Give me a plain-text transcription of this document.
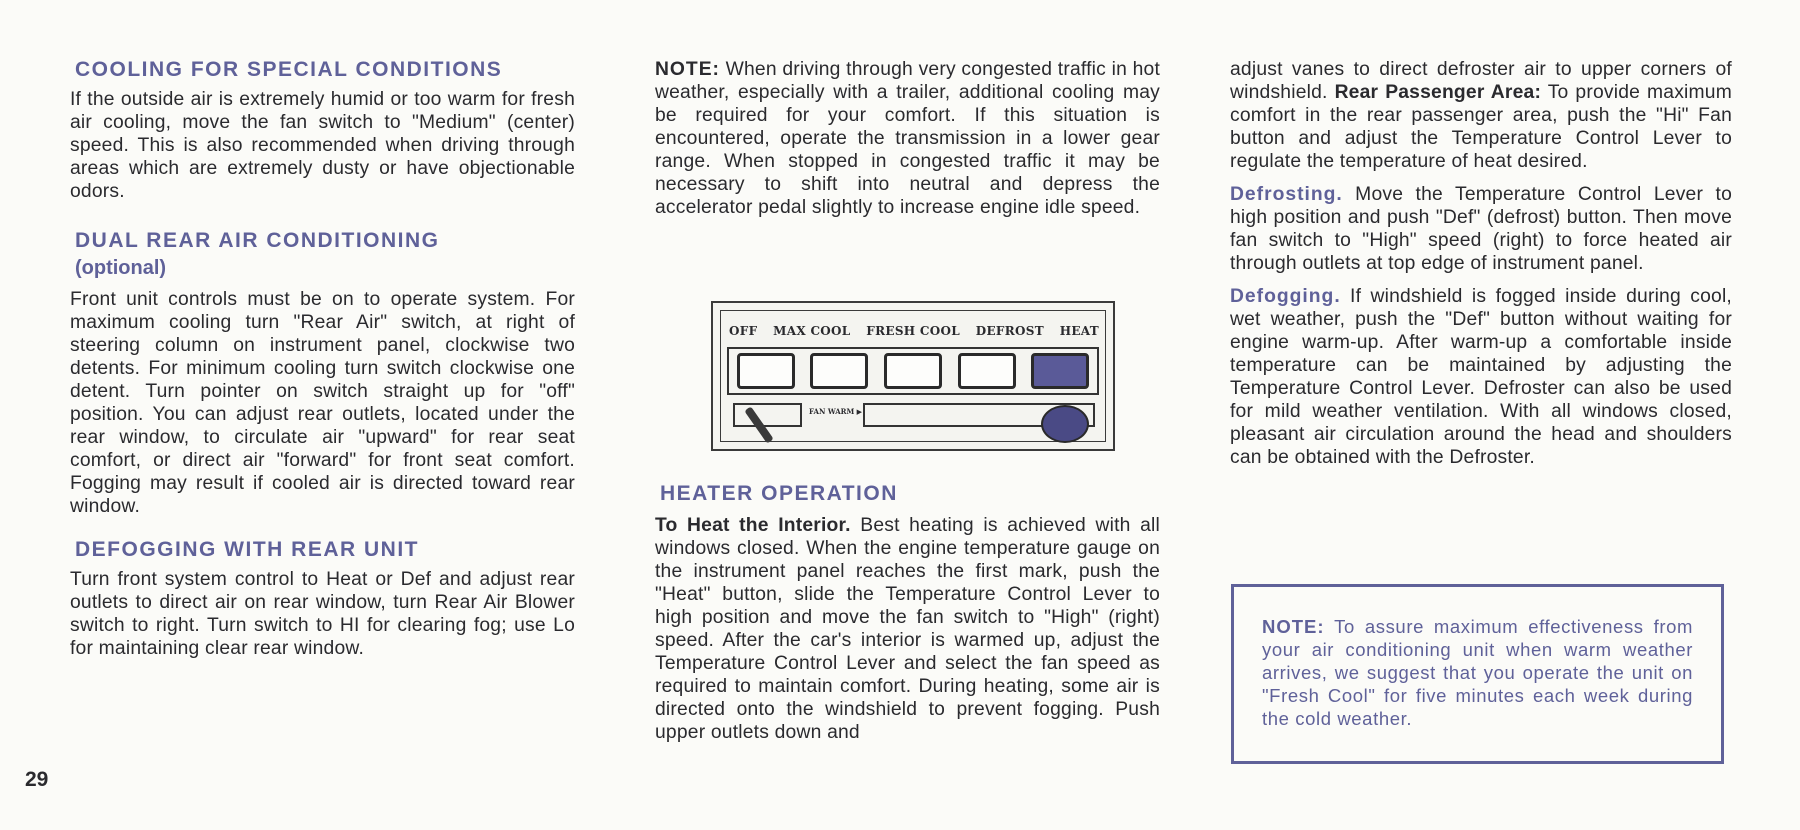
COOLING FOR SPECIAL CONDITIONS

If the outside air is extremely humid or too warm for fresh air cooling, move the fan switch to "Medium" (center) speed. This is also recommended when driving through areas which are extremely dusty or have objectionable odors.

DUAL REAR AIR CONDITIONING
(optional)

Front unit controls must be on to operate system. For maximum cooling turn "Rear Air" switch, at right of steering column on instrument panel, clockwise two detents. For minimum cooling turn switch clockwise one detent. Turn pointer on switch straight up for "off" position. You can adjust rear outlets, located under the rear window, to circulate air "upward" for rear seat comfort, or direct air "forward" for front seat comfort. Fogging may result if cooled air is directed toward rear window.

DEFOGGING WITH REAR UNIT

Turn front system control to Heat or Def and adjust rear outlets to direct air on rear window, turn Rear Air Blower switch to right. Turn switch to HI for clearing fog; use Lo for maintaining clear rear window.

NOTE: When driving through very congested traffic in hot weather, especially with a trailer, additional cooling may be required for your comfort. If this situation is encountered, operate the transmission in a lower gear range. When stopped in congested traffic it may be necessary to shift into neutral and depress the accelerator pedal slightly to increase engine idle speed.

OFF MAX COOL FRESH COOL DEFROST HEAT
FAN WARM ▶
HEATER OPERATION

To Heat the Interior. Best heating is achieved with all windows closed. When the engine temperature gauge on the instrument panel reaches the first mark, push the "Heat" button, slide the Temperature Control Lever to high position and move the fan switch to "High" (right) speed. After the car's interior is warmed up, adjust the Temperature Control Lever and select the fan speed as required to maintain comfort. During heating, some air is directed onto the windshield to prevent fogging. Push upper outlets down and

adjust vanes to direct defroster air to upper corners of windshield. Rear Passenger Area: To provide maximum comfort in the rear passenger area, push the "Hi" Fan button and adjust the Temperature Control Lever to regulate the temperature of heat desired.

Defrosting. Move the Temperature Control Lever to high position and push "Def" (defrost) button. Then move fan switch to "High" speed (right) to force heated air through outlets at top edge of instrument panel.

Defogging. If windshield is fogged inside during cool, wet weather, push the "Def" button without waiting for engine warm-up. After warm-up a comfortable inside temperature can be maintained by adjusting the Temperature Control Lever. Defroster can also be used for mild weather ventilation. With all windows closed, pleasant air circulation around the head and shoulders can be obtained with the Defroster.

NOTE: To assure maximum effectiveness from your air conditioning unit when warm weather arrives, we suggest that you operate the unit on "Fresh Cool" for five minutes each week during the cold weather.

29
